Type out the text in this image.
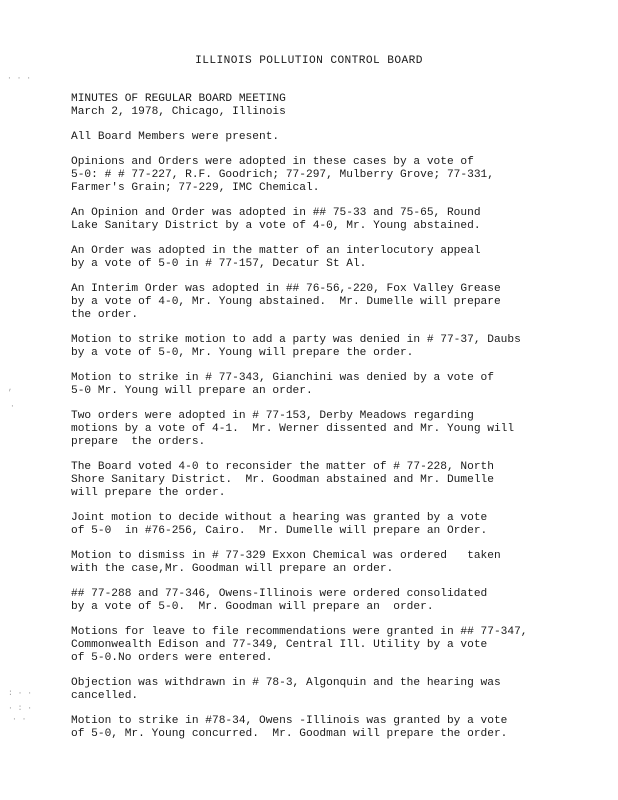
· · ·
,
·
: · ·
· : ·
· ·
ILLINOIS POLLUTION CONTROL BOARD
MINUTES OF REGULAR BOARD MEETING
March 2, 1978, Chicago, Illinois

All Board Members were present.

Opinions and Orders were adopted in these cases by a vote of
5-0: # # 77-227, R.F. Goodrich; 77-297, Mulberry Grove; 77-331,
Farmer's Grain; 77-229, IMC Chemical.

An Opinion and Order was adopted in ## 75-33 and 75-65, Round
Lake Sanitary District by a vote of 4-0, Mr. Young abstained.

An Order was adopted in the matter of an interlocutory appeal
by a vote of 5-0 in # 77-157, Decatur St Al.

An Interim Order was adopted in ## 76-56,-220, Fox Valley Grease
by a vote of 4-0, Mr. Young abstained.  Mr. Dumelle will prepare
the order.

Motion to strike motion to add a party was denied in # 77-37, Daubs
by a vote of 5-0, Mr. Young will prepare the order.

Motion to strike in # 77-343, Gianchini was denied by a vote of
5-0 Mr. Young will prepare an order.

Two orders were adopted in # 77-153, Derby Meadows regarding
motions by a vote of 4-1.  Mr. Werner dissented and Mr. Young will
prepare  the orders.

The Board voted 4-0 to reconsider the matter of # 77-228, North
Shore Sanitary District.  Mr. Goodman abstained and Mr. Dumelle
will prepare the order.

Joint motion to decide without a hearing was granted by a vote
of 5-0  in #76-256, Cairo.  Mr. Dumelle will prepare an Order.

Motion to dismiss in # 77-329 Exxon Chemical was ordered   taken
with the case,Mr. Goodman will prepare an order.

## 77-288 and 77-346, Owens-Illinois were ordered consolidated
by a vote of 5-0.  Mr. Goodman will prepare an  order.

Motions for leave to file recommendations were granted in ## 77-347,
Commonwealth Edison and 77-349, Central Ill. Utility by a vote
of 5-0.No orders were entered.

Objection was withdrawn in # 78-3, Algonquin and the hearing was
cancelled.

Motion to strike in #78-34, Owens -Illinois was granted by a vote
of 5-0, Mr. Young concurred.  Mr. Goodman will prepare the order.
